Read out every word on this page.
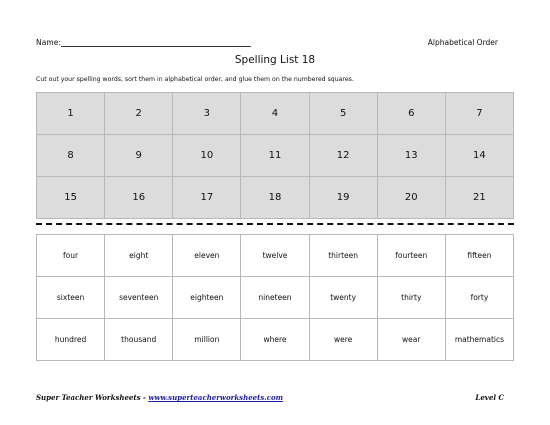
Name:	Alphabetical Order
Spelling List 18
Cut out your spelling words, sort them in alphabetical order, and glue them on the numbered squares.
1	2	3	4	5	6	7
8	9	10	11	12	13	14
15	16	17	18	19	20	21
four	eight	eleven	twelve	thirteen	fourteen	fifteen
sixteen	seventeen	eighteen	nineteen	twenty	thirty	forty
hundred	thousand	million	where	were	wear	mathematics
Super Teacher Worksheets - www.superteacherworksheets.com	Level C
